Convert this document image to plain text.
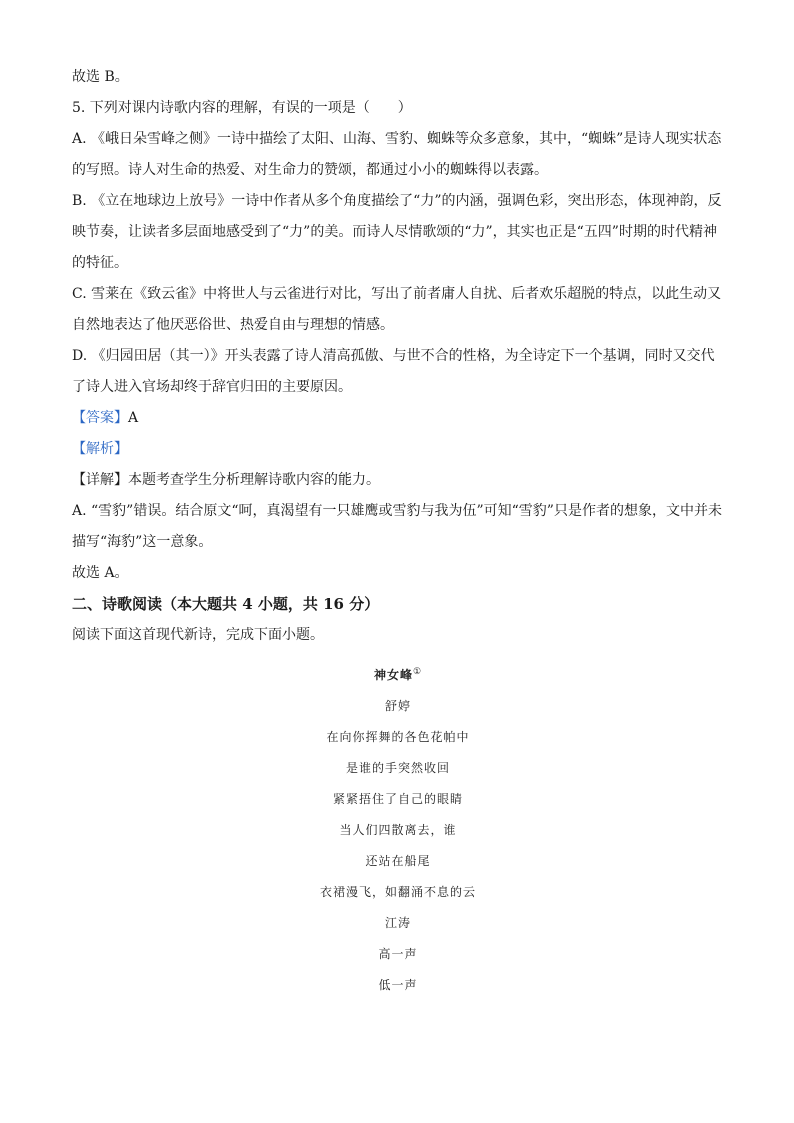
故选 B。

5. 下列对课内诗歌内容的理解，有误的一项是（　　）

A. 《峨日朵雪峰之侧》一诗中描绘了太阳、山海、雪豹、蜘蛛等众多意象，其中，“蜘蛛”是诗人现实状态的写照。诗人对生命的热爱、对生命力的赞颂，都通过小小的蜘蛛得以表露。

B. 《立在地球边上放号》一诗中作者从多个角度描绘了“力”的内涵，强调色彩，突出形态，体现神韵，反映节奏，让读者多层面地感受到了“力”的美。而诗人尽情歌颂的“力”，其实也正是“五四”时期的时代精神的特征。

C. 雪莱在《致云雀》中将世人与云雀进行对比，写出了前者庸人自扰、后者欢乐超脱的特点，以此生动又自然地表达了他厌恶俗世、热爱自由与理想的情感。

D. 《归园田居（其一）》开头表露了诗人清高孤傲、与世不合的性格，为全诗定下一个基调，同时又交代了诗人进入官场却终于辞官归田的主要原因。

【答案】A

【解析】

【详解】本题考查学生分析理解诗歌内容的能力。

A. “雪豹”错误。结合原文“呵，真渴望有一只雄鹰或雪豹与我为伍”可知“雪豹”只是作者的想象，文中并未描写“海豹”这一意象。

故选 A。

二、诗歌阅读（本大题共 4 小题，共 16 分）

阅读下面这首现代新诗，完成下面小题。

神女峰①

舒婷

在向你挥舞的各色花帕中

是谁的手突然收回

紧紧捂住了自己的眼睛

当人们四散离去，谁

还站在船尾

衣裙漫飞，如翻涌不息的云

江涛

高一声

低一声
